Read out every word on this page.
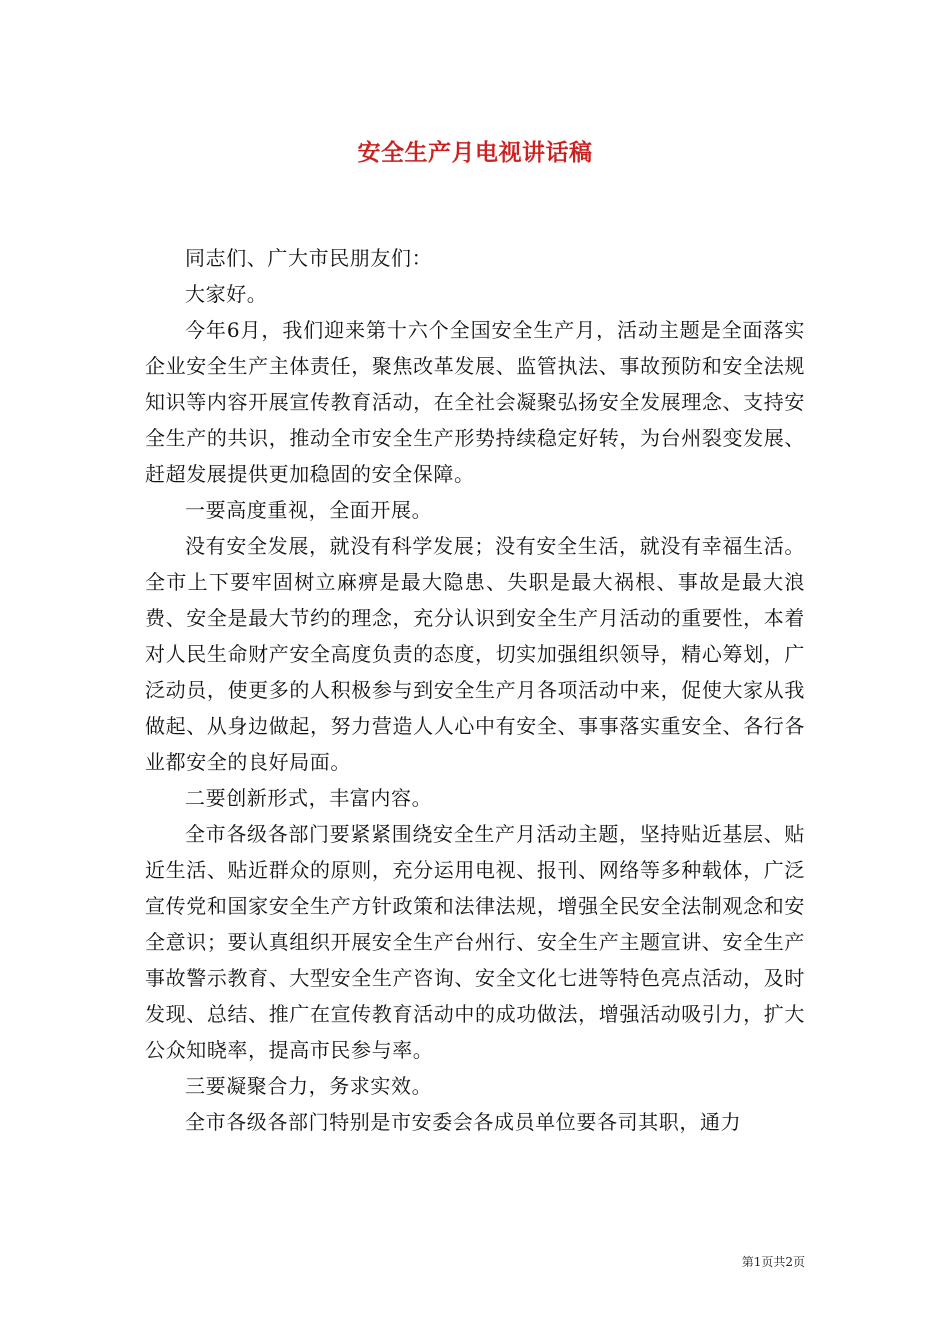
安全生产月电视讲话稿

同志们、广大市民朋友们：

大家好。

今年6月，我们迎来第十六个全国安全生产月，活动主题是全面落实企业安全生产主体责任，聚焦改革发展、监管执法、事故预防和安全法规知识等内容开展宣传教育活动，在全社会凝聚弘扬安全发展理念、支持安全生产的共识，推动全市安全生产形势持续稳定好转，为台州裂变发展、赶超发展提供更加稳固的安全保障。

一要高度重视，全面开展。

没有安全发展，就没有科学发展；没有安全生活，就没有幸福生活。全市上下要牢固树立麻痹是最大隐患、失职是最大祸根、事故是最大浪费、安全是最大节约的理念，充分认识到安全生产月活动的重要性，本着对人民生命财产安全高度负责的态度，切实加强组织领导，精心筹划，广泛动员，使更多的人积极参与到安全生产月各项活动中来，促使大家从我做起、从身边做起，努力营造人人心中有安全、事事落实重安全、各行各业都安全的良好局面。

二要创新形式，丰富内容。

全市各级各部门要紧紧围绕安全生产月活动主题，坚持贴近基层、贴近生活、贴近群众的原则，充分运用电视、报刊、网络等多种载体，广泛宣传党和国家安全生产方针政策和法律法规，增强全民安全法制观念和安全意识；要认真组织开展安全生产台州行、安全生产主题宣讲、安全生产事故警示教育、大型安全生产咨询、安全文化七进等特色亮点活动，及时发现、总结、推广在宣传教育活动中的成功做法，增强活动吸引力，扩大公众知晓率，提高市民参与率。

三要凝聚合力，务求实效。

全市各级各部门特别是市安委会各成员单位要各司其职，通力

第1页共2页
